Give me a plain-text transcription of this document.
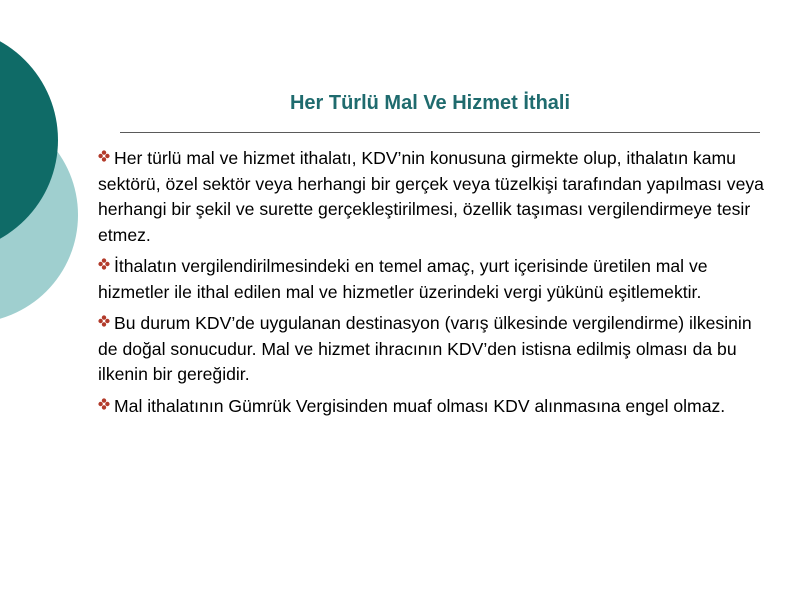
Her Türlü Mal Ve Hizmet İthali
Her türlü mal ve hizmet ithalatı, KDV’nin konusuna girmekte olup, ithalatın kamu sektörü, özel sektör veya herhangi bir gerçek veya tüzelkişi tarafından yapılması veya herhangi bir şekil ve surette gerçekleştirilmesi, özellik taşıması vergilendirmeye tesir etmez.
İthalatın vergilendirilmesindeki en temel amaç, yurt içerisinde üretilen mal ve hizmetler ile ithal edilen mal ve hizmetler üzerindeki vergi yükünü eşitlemektir.
Bu durum KDV’de uygulanan destinasyon (varış ülkesinde vergilendirme) ilkesinin de doğal sonucudur. Mal ve hizmet ihracının KDV’den istisna edilmiş olması da bu ilkenin bir gereğidir.
Mal ithalatının Gümrük Vergisinden muaf olması KDV alınmasına engel olmaz.
